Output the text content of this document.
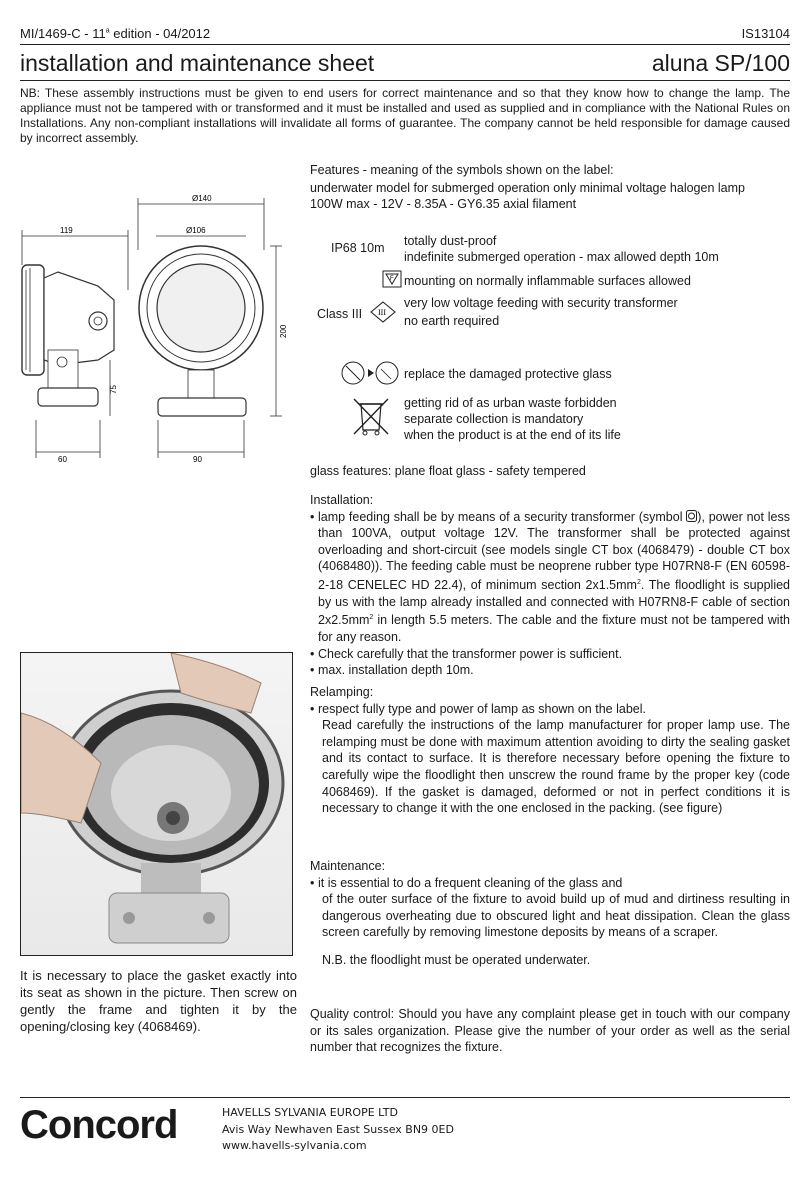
MI/1469-C - 11$^a$ edition - 04/2012	IS13104
installation and maintenance sheet	aluna SP/100
NB: These assembly instructions must be given to end users for correct maintenance and so that they know how to change the lamp. The appliance must not be tampered with or transformed and it must be installed and used as supplied and in compliance with the National Rules on Installations. Any non-compliant installations will invalidate all forms of guarantee. The company cannot be held responsible for damage caused by incorrect assembly.
Ø140
Ø106
119
200
75
60	90
Features - meaning of the symbols shown on the label:
underwater model for submerged operation only minimal voltage halogen lamp
100W max - 12V - 8.35A - GY6.35 axial filament
IP68 10m totally dust-proof
indefinite submerged operation - max allowed depth 10m
F mounting on normally inflammable surfaces allowed
Class III III
very low voltage feeding with security transformer
no earth required
replace the damaged protective glass
getting rid of as urban waste forbidden
separate collection is mandatory
when the product is at the end of its life
glass features: plane float glass - safety tempered
Installation:
• lamp feeding shall be by means of a security transformer (symbol ), power not less than 100VA, output voltage 12V. The transformer shall be protected against overloading and short-circuit (see models single CT box (4068479) - double CT box (4068480)). The feeding cable must be neoprene rubber type H07RN8-F (EN 60598-2-18 CENELEC HD 22.4), of minimum section $2x1.5mm^2$. The floodlight is supplied by us with the lamp already installed and connected with H07RN8-F cable of section $2x2.5mm^2$ in length 5.5 meters. The cable and the fixture must not be tampered with for any reason.
• Check carefully that the transformer power is sufficient.
• max. installation depth 10m.
Relamping:
• respect fully type and power of lamp as shown on the label.
Read carefully the instructions of the lamp manufacturer for proper lamp use. The relamping must be done with maximum attention avoiding to dirty the sealing gasket and its contact to surface. It is therefore necessary before opening the fixture to carefully wipe the floodlight then unscrew the round frame by the proper key (code 4068469). If the gasket is damaged, deformed or not in perfect conditions it is necessary to change it with the one enclosed in the packing. (see figure)
Maintenance:
• it is essential to do a frequent cleaning of the glass and
of the outer surface of the fixture to avoid build up of mud and dirtiness resulting in dangerous overheating due to obscured light and heat dissipation. Clean the glass screen carefully by removing limestone deposits by means of a scraper.
N.B. the floodlight must be operated underwater.
Quality control: Should you have any complaint please get in touch with our company or its sales organization. Please give the number of your order as well as the serial number that recognizes the fixture.
It is necessary to place the gasket exactly into its seat as shown in the picture. Then screw on gently the frame and tighten it by the opening/closing key (4068469).
Concord	HAVELLS SYLVANIA EUROPE LTD
Avis Way Newhaven East Sussex BN9 0ED
www.havells-sylvania.com
